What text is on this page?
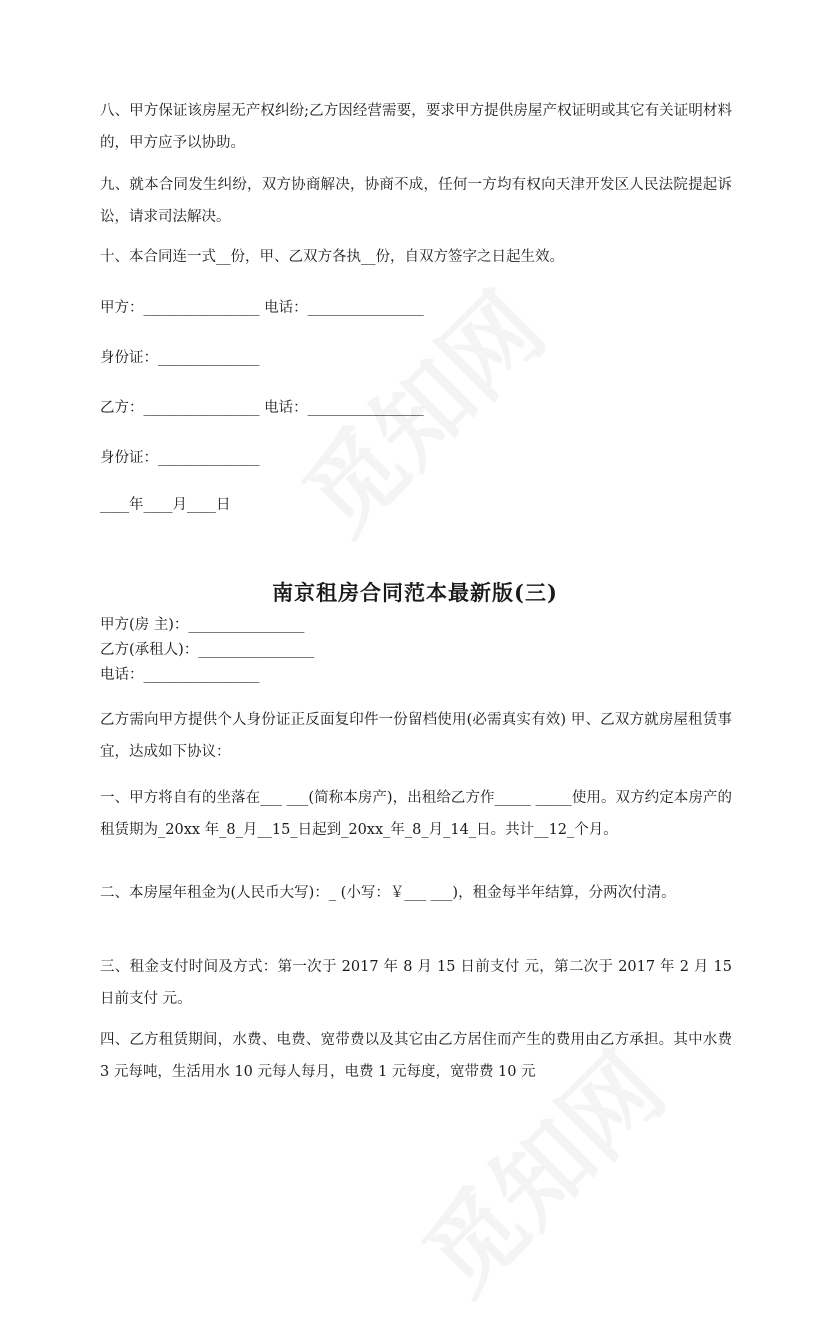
八、甲方保证该房屋无产权纠纷;乙方因经营需要，要求甲方提供房屋产权证明或其它有关证明材料的，甲方应予以协助。

九、就本合同发生纠纷，双方协商解决，协商不成，任何一方均有权向天津开发区人民法院提起诉讼，请求司法解决。

十、本合同连一式__份，甲、乙双方各执__份，自双方签字之日起生效。

甲方：________________ 电话：________________

身份证：______________

乙方：________________ 电话：________________

身份证：______________

____年____月____日

南京租房合同范本最新版(三)

甲方(房 主)：________________

乙方(承租人)：________________

电话：________________

乙方需向甲方提供个人身份证正反面复印件一份留档使用(必需真实有效) 甲、乙双方就房屋租赁事宜，达成如下协议：

一、甲方将自有的坐落在___ ___(简称本房产)，出租给乙方作_____ _____使用。双方约定本房产的租赁期为_20xx 年_8_月__15_日起到_20xx_年_8_月_14_日。共计__12_个月。

二、本房屋年租金为(人民币大写)：_ (小写：￥___ ___)，租金每半年结算，分两次付清。

三、租金支付时间及方式：第一次于 2017 年 8 月 15 日前支付 元，第二次于 2017 年 2 月 15日前支付 元。

四、乙方租赁期间，水费、电费、宽带费以及其它由乙方居住而产生的费用由乙方承担。其中水费 3 元每吨，生活用水 10 元每人每月，电费 1 元每度，宽带费 10 元
